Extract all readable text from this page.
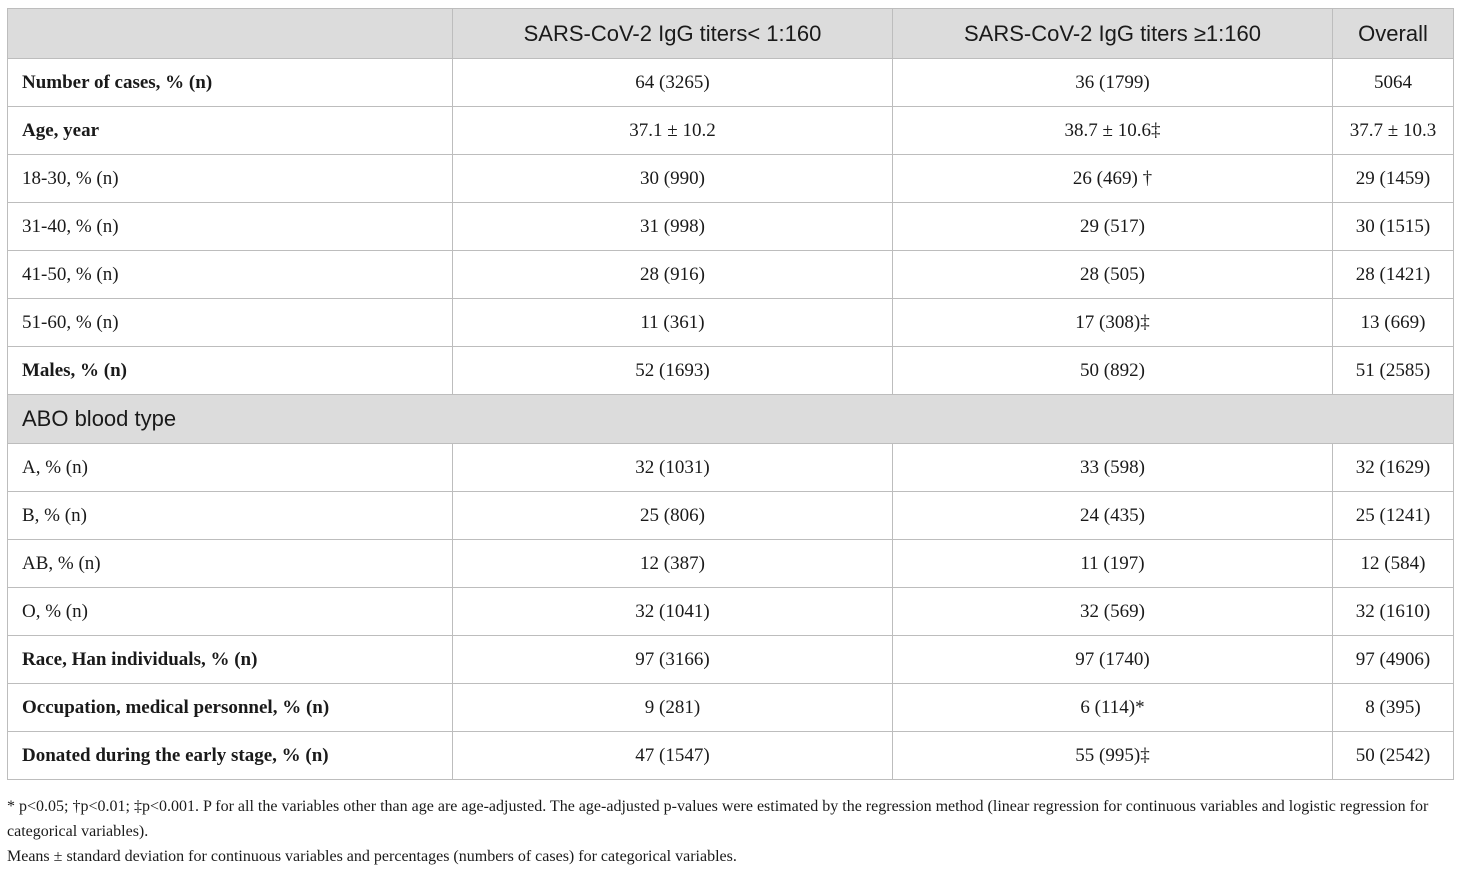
	SARS-CoV-2 IgG titers< 1:160	SARS-CoV-2 IgG titers ≥1:160	Overall
Number of cases, % (n)	64 (3265)	36 (1799)	5064
Age, year	37.1 ± 10.2	38.7 ± 10.6‡	37.7 ± 10.3
18-30, % (n)	30 (990)	26 (469) †	29 (1459)
31-40, % (n)	31 (998)	29 (517)	30 (1515)
41-50, % (n)	28 (916)	28 (505)	28 (1421)
51-60, % (n)	11 (361)	17 (308)‡	13 (669)
Males, % (n)	52 (1693)	50 (892)	51 (2585)
ABO blood type			
A, % (n)	32 (1031)	33 (598)	32 (1629)
B, % (n)	25 (806)	24 (435)	25 (1241)
AB, % (n)	12 (387)	11 (197)	12 (584)
O, % (n)	32 (1041)	32 (569)	32 (1610)
Race, Han individuals, % (n)	97 (3166)	97 (1740)	97 (4906)
Occupation, medical personnel, % (n)	9 (281)	6 (114)*	8 (395)
Donated during the early stage, % (n)	47 (1547)	55 (995)‡	50 (2542)

* p<0.05; †p<0.01; ‡p<0.001. P for all the variables other than age are age-adjusted. The age-adjusted p-values were estimated by the regression method (linear regression for continuous variables and logistic regression for categorical variables).

Means ± standard deviation for continuous variables and percentages (numbers of cases) for categorical variables.
